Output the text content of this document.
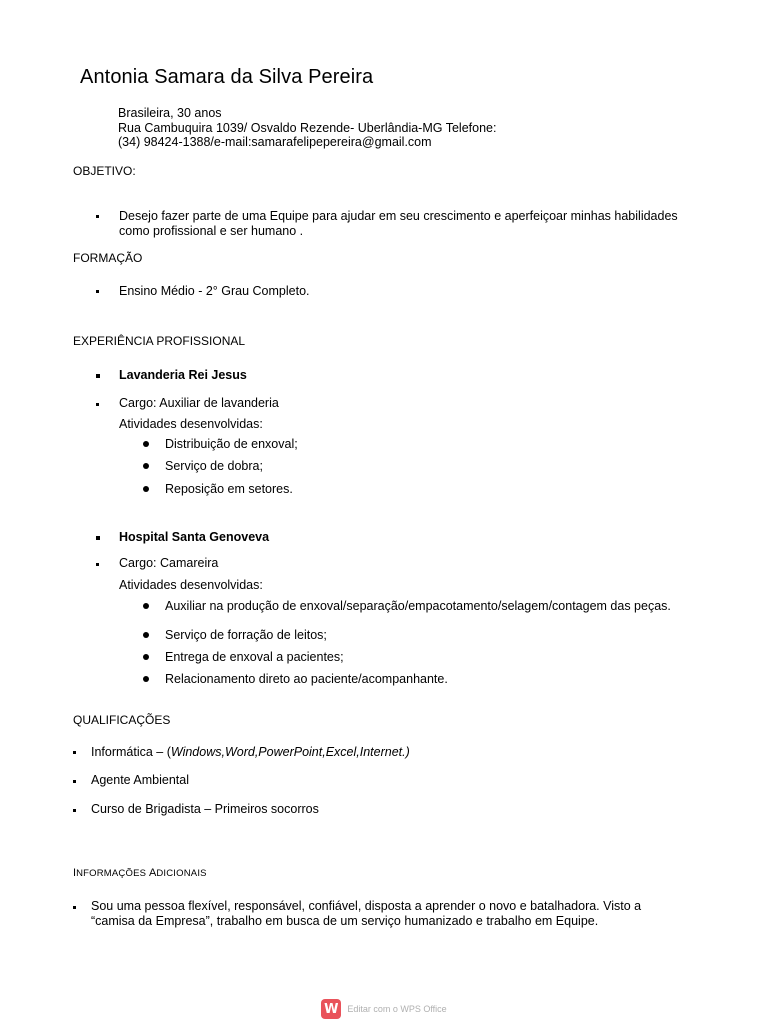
Antonia Samara da Silva Pereira
Brasileira, 30 anos
Rua Cambuquira 1039/ Osvaldo Rezende- Uberlândia-MG Telefone:
(34) 98424-1388/e-mail:samarafelipepereira@gmail.com
OBJETIVO:
Desejo fazer parte de uma Equipe para ajudar em seu crescimento e aperfeiçoar minhas habilidades
como profissional e ser humano .
FORMAÇÃO
Ensino Médio - 2° Grau Completo.
EXPERIÊNCIA PROFISSIONAL
Lavanderia Rei Jesus
Cargo: Auxiliar de lavanderia
Atividades desenvolvidas:
Distribuição de enxoval;
Serviço de dobra;
Reposição em setores.
Hospital Santa Genoveva
Cargo: Camareira
Atividades desenvolvidas:
Auxiliar na produção de enxoval/separação/empacotamento/selagem/contagem das peças.
Serviço de forração de leitos;
Entrega de enxoval a pacientes;
Relacionamento direto ao paciente/acompanhante.
QUALIFICAÇÕES
Informática – (Windows,Word,PowerPoint,Excel,Internet.)
Agente Ambiental
Curso de Brigadista – Primeiros socorros
INFORMAÇÕES ADICIONAIS
Sou uma pessoa flexível, responsável, confiável, disposta a aprender o novo e batalhadora. Visto a
“camisa da Empresa”, trabalho em busca de um serviço humanizado e trabalho em Equipe.
W Editar com o WPS Office
